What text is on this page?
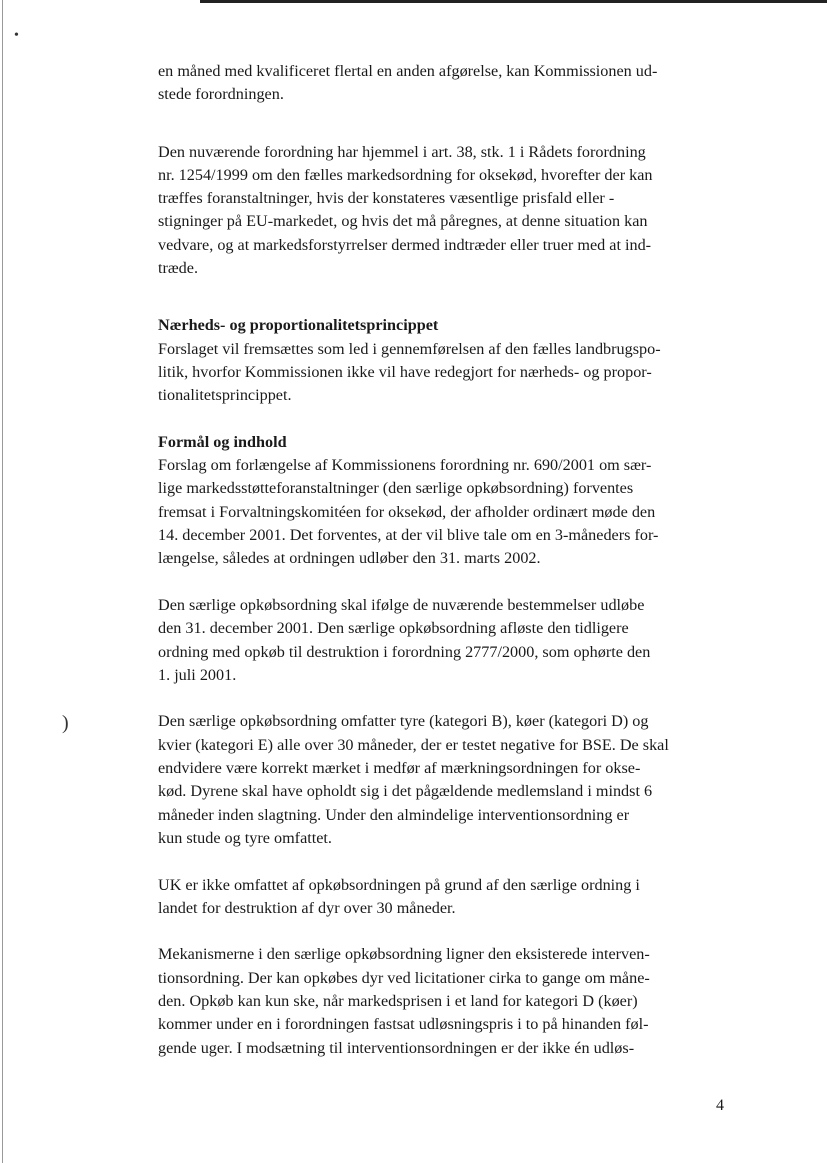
•
)

en måned med kvalificeret flertal en anden afgørelse, kan Kommissionen ud-
stede forordningen.

Den nuværende forordning har hjemmel i art. 38, stk. 1 i Rådets forordning
nr. 1254/1999 om den fælles markedsordning for oksekød, hvorefter der kan
træffes foranstaltninger, hvis der konstateres væsentlige prisfald eller -
stigninger på EU-markedet, og hvis det må påregnes, at denne situation kan
vedvare, og at markedsforstyrrelser dermed indtræder eller truer med at ind-
træde.

Nærheds- og proportionalitetsprincippet
Forslaget vil fremsættes som led i gennemførelsen af den fælles landbrugspo-
litik, hvorfor Kommissionen ikke vil have redegjort for nærheds- og propor-
tionalitetsprincippet.

Formål og indhold
Forslag om forlængelse af Kommissionens forordning nr. 690/2001 om sær-
lige markedsstøtteforanstaltninger (den særlige opkøbsordning) forventes
fremsat i Forvaltningskomitéen for oksekød, der afholder ordinært møde den
14. december 2001. Det forventes, at der vil blive tale om en 3-måneders for-
længelse, således at ordningen udløber den 31. marts 2002.

Den særlige opkøbsordning skal ifølge de nuværende bestemmelser udløbe
den 31. december 2001. Den særlige opkøbsordning afløste den tidligere
ordning med opkøb til destruktion i forordning 2777/2000, som ophørte den
1. juli 2001.

Den særlige opkøbsordning omfatter tyre (kategori B), køer (kategori D) og
kvier (kategori E) alle over 30 måneder, der er testet negative for BSE. De skal
endvidere være korrekt mærket i medfør af mærkningsordningen for okse-
kød. Dyrene skal have opholdt sig i det pågældende medlemsland i mindst 6
måneder inden slagtning. Under den almindelige interventionsordning er
kun stude og tyre omfattet.

UK er ikke omfattet af opkøbsordningen på grund af den særlige ordning i
landet for destruktion af dyr over 30 måneder.

Mekanismerne i den særlige opkøbsordning ligner den eksisterede interven-
tionsordning. Der kan opkøbes dyr ved licitationer cirka to gange om måne-
den. Opkøb kan kun ske, når markedsprisen i et land for kategori D (køer)
kommer under en i forordningen fastsat udløsningspris i to på hinanden føl-
gende uger. I modsætning til interventionsordningen er der ikke én udløs-

4
